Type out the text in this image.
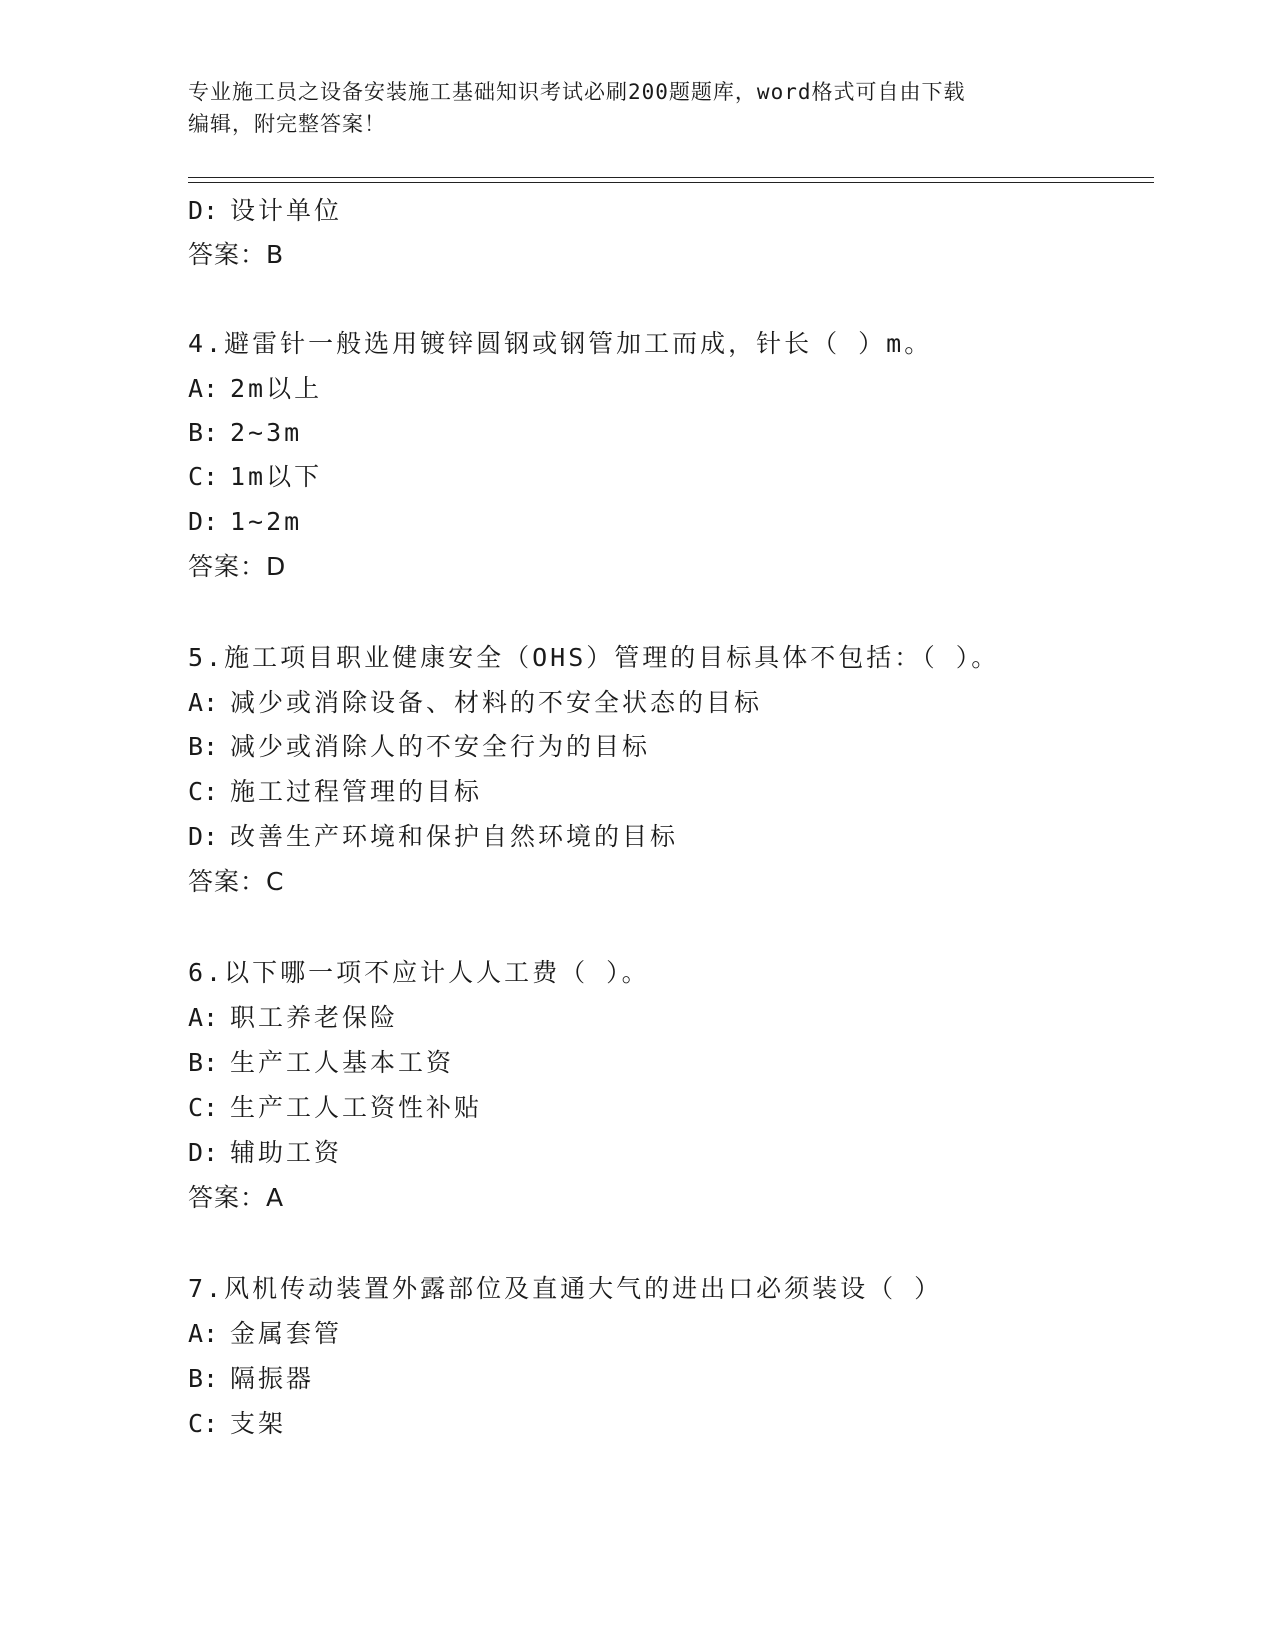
专业施工员之设备安装施工基础知识考试必刷200题题库，word格式可自由下载
编辑，附完整答案！
D: 设计单位
答案：B
4.避雷针一般选用镀锌圆钢或钢管加工而成，针长（ ）m。
A: 2m以上
B: 2~3m
C: 1m以下
D: 1~2m
答案：D
5.施工项目职业健康安全（OHS）管理的目标具体不包括：（ ）。
A: 减少或消除设备、材料的不安全状态的目标
B: 减少或消除人的不安全行为的目标
C: 施工过程管理的目标
D: 改善生产环境和保护自然环境的目标
答案：C
6.以下哪一项不应计人人工费（ ）。
A: 职工养老保险
B: 生产工人基本工资
C: 生产工人工资性补贴
D: 辅助工资
答案：A
7.风机传动装置外露部位及直通大气的进出口必须装设（ ）
A: 金属套管
B: 隔振器
C: 支架
